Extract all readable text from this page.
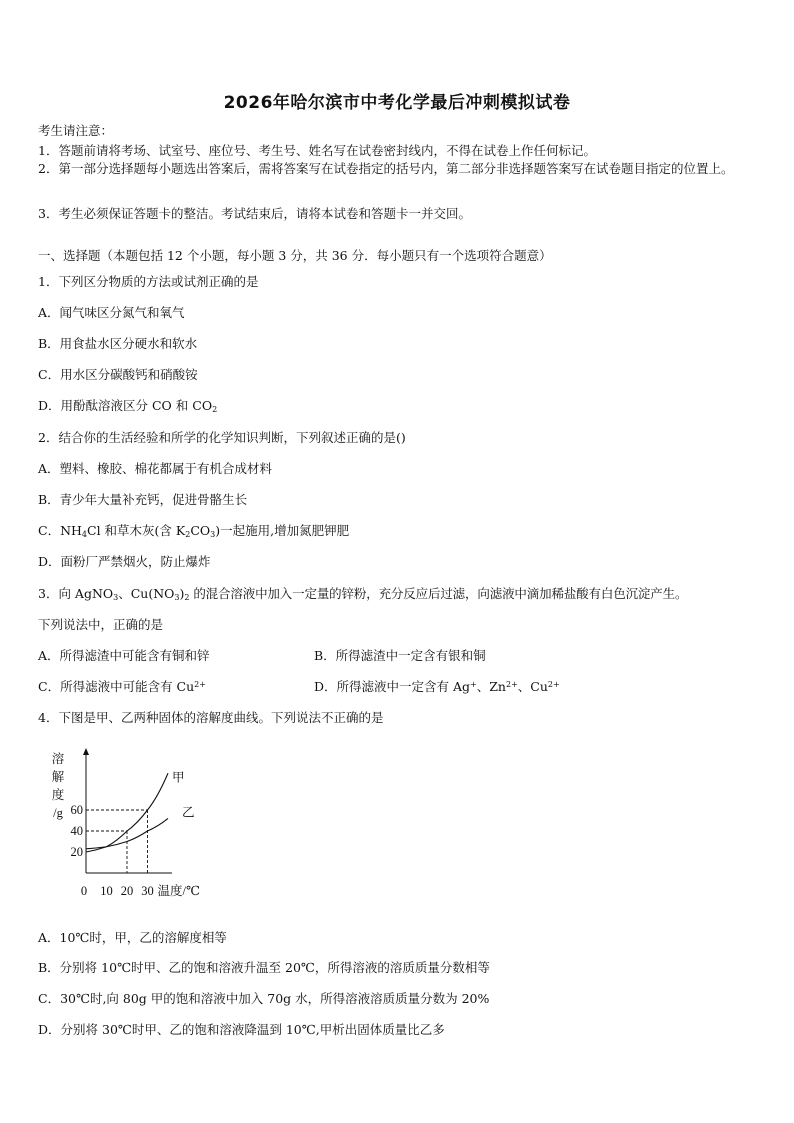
2026年哈尔滨市中考化学最后冲刺模拟试卷
考生请注意：
1．答题前请将考场、试室号、座位号、考生号、姓名写在试卷密封线内，不得在试卷上作任何标记。
2．第一部分选择题每小题选出答案后，需将答案写在试卷指定的括号内，第二部分非选择题答案写在试卷题目指定的位置上。
3．考生必须保证答题卡的整洁。考试结束后，请将本试卷和答题卡一并交回。
一、选择题（本题包括 12 个小题，每小题 3 分，共 36 分．每小题只有一个选项符合题意）
1．下列区分物质的方法或试剂正确的是
A．闻气味区分氮气和氧气
B．用食盐水区分硬水和软水
C．用水区分碳酸钙和硝酸铵
D．用酚酞溶液区分 CO 和 $CO_2$
2．结合你的生活经验和所学的化学知识判断，下列叙述正确的是()
A．塑料、橡胶、棉花都属于有机合成材料
B．青少年大量补充钙，促进骨骼生长
C．$NH_4Cl$ 和草木灰(含 $K_2CO_3$)一起施用,增加氮肥钾肥
D．面粉厂严禁烟火，防止爆炸
3．向 AgNO$_3$、$Cu(NO_3)_2$ 的混合溶液中加入一定量的锌粉，充分反应后过滤，向滤液中滴加稀盐酸有白色沉淀产生。
下列说法中，正确的是
A．所得滤渣中可能含有铜和锌	B．所得滤渣中一定含有银和铜
C．所得滤液中可能含有 $Cu^{2+}$	D．所得滤液中一定含有 Ag+、$Zn^{2+}$、$Cu^{2+}$
4．下图是甲、乙两种固体的溶解度曲线。下列说法不正确的是
甲
乙
20
40
60
0 10 20 30 温度/℃
溶
解
度
/g
A．10℃时，甲，乙的溶解度相等
B．分别将 10℃时甲、乙的饱和溶液升温至 20℃，所得溶液的溶质质量分数相等
C．30℃时,向 80g 甲的饱和溶液中加入 70g 水，所得溶液溶质质量分数为 20%
D．分别将 30℃时甲、乙的饱和溶液降温到 10℃,甲析出固体质量比乙多
